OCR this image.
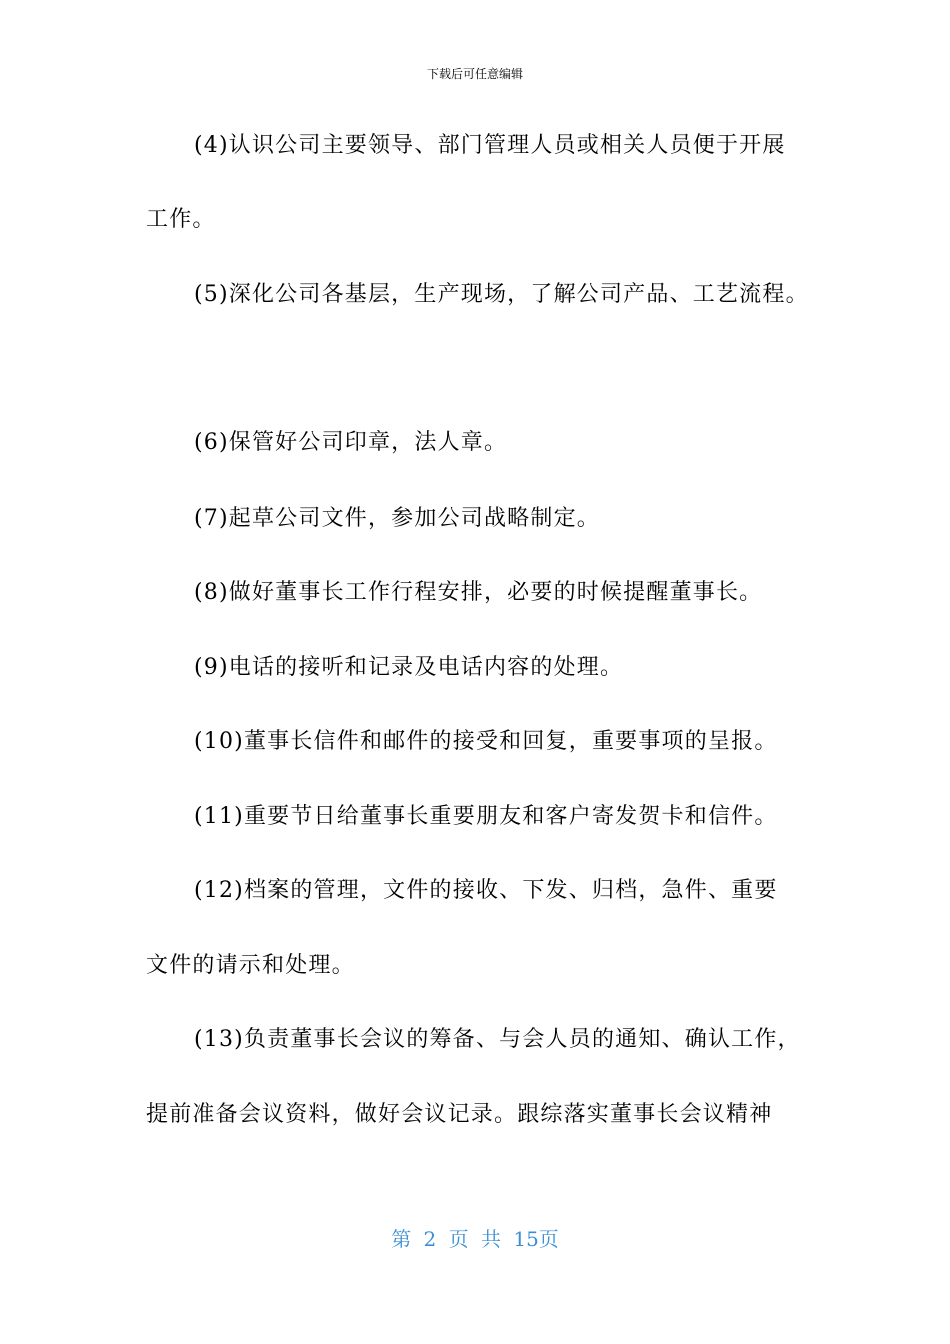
下载后可任意编辑
(4)认识公司主要领导、部门管理人员或相关人员便于开展
工作。
(5)深化公司各基层，生产现场，了解公司产品、工艺流程。
(6)保管好公司印章，法人章。
(7)起草公司文件，参加公司战略制定。
(8)做好董事长工作行程安排，必要的时候提醒董事长。
(9)电话的接听和记录及电话内容的处理。
(10)董事长信件和邮件的接受和回复，重要事项的呈报。
(11)重要节日给董事长重要朋友和客户寄发贺卡和信件。
(12)档案的管理，文件的接收、下发、归档，急件、重要
文件的请示和处理。
(13)负责董事长会议的筹备、与会人员的通知、确认工作，
提前准备会议资料，做好会议记录。跟综落实董事长会议精神
第 2 页 共 15页
